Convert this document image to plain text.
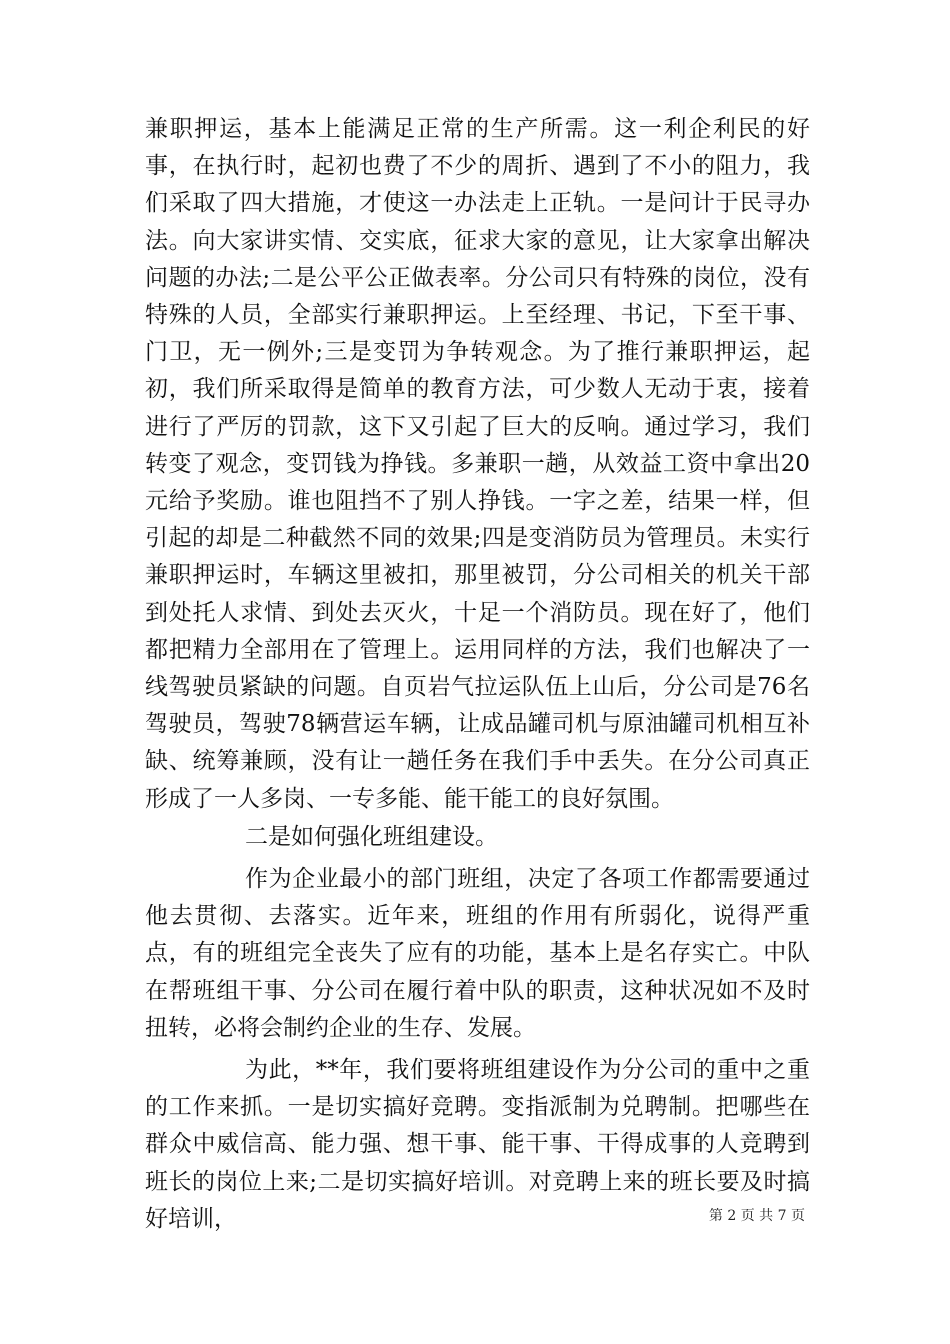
兼职押运，基本上能满足正常的生产所需。这一利企利民的好事，在执行时，起初也费了不少的周折、遇到了不小的阻力，我们采取了四大措施，才使这一办法走上正轨。一是问计于民寻办法。向大家讲实情、交实底，征求大家的意见，让大家拿出解决问题的办法;二是公平公正做表率。分公司只有特殊的岗位，没有特殊的人员，全部实行兼职押运。上至经理、书记，下至干事、门卫，无一例外;三是变罚为争转观念。为了推行兼职押运，起初，我们所采取得是简单的教育方法，可少数人无动于衷，接着进行了严厉的罚款，这下又引起了巨大的反响。通过学习，我们转变了观念，变罚钱为挣钱。多兼职一趟，从效益工资中拿出20元给予奖励。谁也阻挡不了别人挣钱。一字之差，结果一样，但引起的却是二种截然不同的效果;四是变消防员为管理员。未实行兼职押运时，车辆这里被扣，那里被罚，分公司相关的机关干部到处托人求情、到处去灭火，十足一个消防员。现在好了，他们都把精力全部用在了管理上。运用同样的方法，我们也解决了一线驾驶员紧缺的问题。自页岩气拉运队伍上山后，分公司是76名驾驶员，驾驶78辆营运车辆，让成品罐司机与原油罐司机相互补缺、统筹兼顾，没有让一趟任务在我们手中丢失。在分公司真正形成了一人多岗、一专多能、能干能工的良好氛围。

二是如何强化班组建设。

作为企业最小的部门班组，决定了各项工作都需要通过他去贯彻、去落实。近年来，班组的作用有所弱化，说得严重点，有的班组完全丧失了应有的功能，基本上是名存实亡。中队在帮班组干事、分公司在履行着中队的职责，这种状况如不及时扭转，必将会制约企业的生存、发展。

为此，**年，我们要将班组建设作为分公司的重中之重的工作来抓。一是切实搞好竞聘。变指派制为兑聘制。把哪些在群众中威信高、能力强、想干事、能干事、干得成事的人竞聘到班长的岗位上来;二是切实搞好培训。对竞聘上来的班长要及时搞好培训，	第 2 页 共 7 页
